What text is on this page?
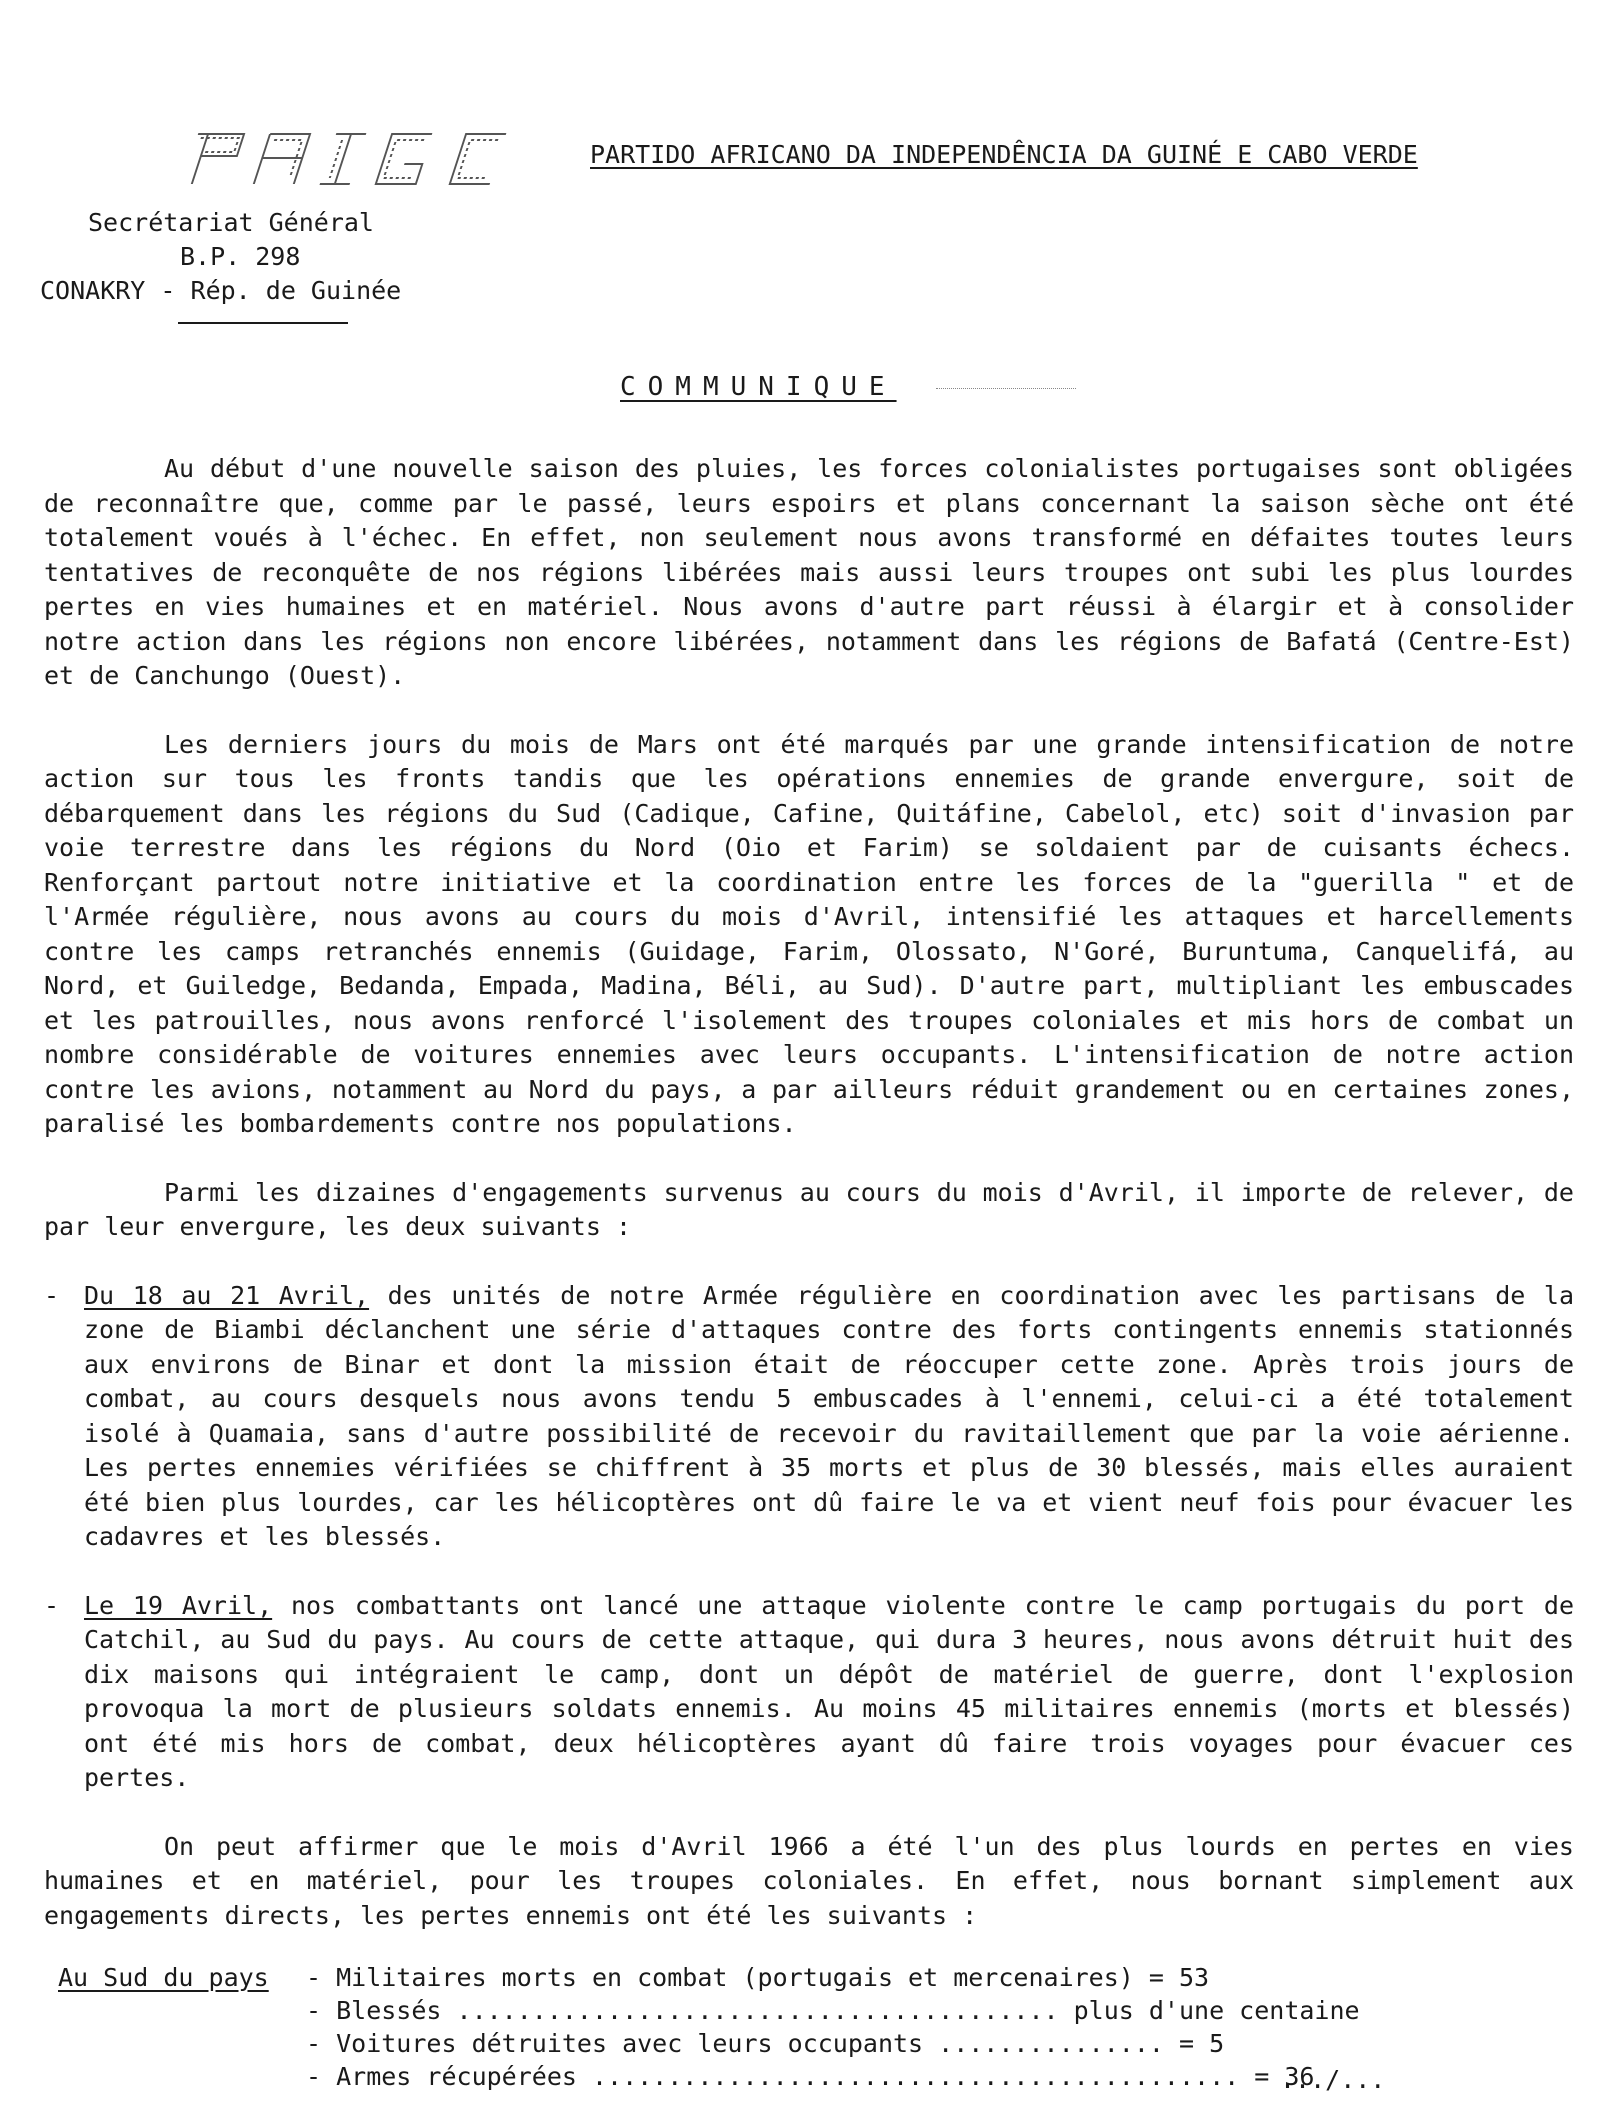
PARTIDO AFRICANO DA INDEPENDÊNCIA DA GUINÉ E CABO VERDE
Secrétariat Général
B.P. 298
CONAKRY - Rép. de Guinée
COMMUNIQUE

Au début d'une nouvelle saison des pluies, les forces colonialistes portugaises sont obligées de reconnaître que, comme par le passé, leurs espoirs et plans concernant la saison sèche ont été totalement voués à l'échec. En effet, non seulement nous avons transformé en défaites toutes leurs tentatives de reconquête de nos régions libérées mais aussi leurs troupes ont subi les plus lourdes pertes en vies humaines et en matériel. Nous avons d'autre part réussi à élargir et à consolider notre action dans les régions non encore libérées, notamment dans les régions de Bafatá (Centre-Est) et de Canchungo (Ouest).

Les derniers jours du mois de Mars ont été marqués par une grande intensification de notre action sur tous les fronts tandis que les opérations ennemies de grande envergure, soit de débarquement dans les régions du Sud (Cadique, Cafine, Quitáfine, Cabelol, etc) soit d'invasion par voie terrestre dans les régions du Nord (Oio et Farim) se soldaient par de cuisants échecs. Renforçant partout notre initiative et la coordination entre les forces de la "guerilla " et de l'Armée régulière, nous avons au cours du mois d'Avril, intensifié les attaques et harcellements contre les camps retranchés ennemis (Guidage, Farim, Olossato, N'Goré, Buruntuma, Canquelifá, au Nord, et Guiledge, Bedanda, Empada, Madina, Béli, au Sud). D'autre part, multipliant les embuscades et les patrouilles, nous avons renforcé l'isolement des troupes coloniales et mis hors de combat un nombre considérable de voitures ennemies avec leurs occupants. L'intensification de notre action contre les avions, notamment au Nord du pays, a par ailleurs réduit grandement ou en certaines zones, paralisé les bombardements contre nos populations.

Parmi les dizaines d'engagements survenus au cours du mois d'Avril, il importe de relever, de par leur envergure, les deux suivants :

- Du 18 au 21 Avril, des unités de notre Armée régulière en coordination avec les partisans de la zone de Biambi déclanchent une série d'attaques contre des forts contingents ennemis stationnés aux environs de Binar et dont la mission était de réoccuper cette zone. Après trois jours de combat, au cours desquels nous avons tendu 5 embuscades à l'ennemi, celui-ci a été totalement isolé à Quamaia, sans d'autre possibilité de recevoir du ravitaillement que par la voie aérienne. Les pertes ennemies vérifiées se chiffrent à 35 morts et plus de 30 blessés, mais elles auraient été bien plus lourdes, car les hélicoptères ont dû faire le va et vient neuf fois pour évacuer les cadavres et les blessés.
- Le 19 Avril, nos combattants ont lancé une attaque violente contre le camp portugais du port de Catchil, au Sud du pays. Au cours de cette attaque, qui dura 3 heures, nous avons détruit huit des dix maisons qui intégraient le camp, dont un dépôt de matériel de guerre, dont l'explosion provoqua la mort de plusieurs soldats ennemis. Au moins 45 militaires ennemis (morts et blessés) ont été mis hors de combat, deux hélicoptères ayant dû faire trois voyages pour évacuer ces pertes.

On peut affirmer que le mois d'Avril 1966 a été l'un des plus lourds en pertes en vies humaines et en matériel, pour les troupes coloniales. En effet, nous bornant simplement aux engagements directs, les pertes ennemis ont été les suivants :

Au Sud du pays - Militaires morts en combat (portugais et mercenaires) = 53
- Blessés ........................................ plus d'une centaine
- Voitures détruites avec leurs occupants ............... = 5
- Armes récupérées ........................................... = 36
.../...
